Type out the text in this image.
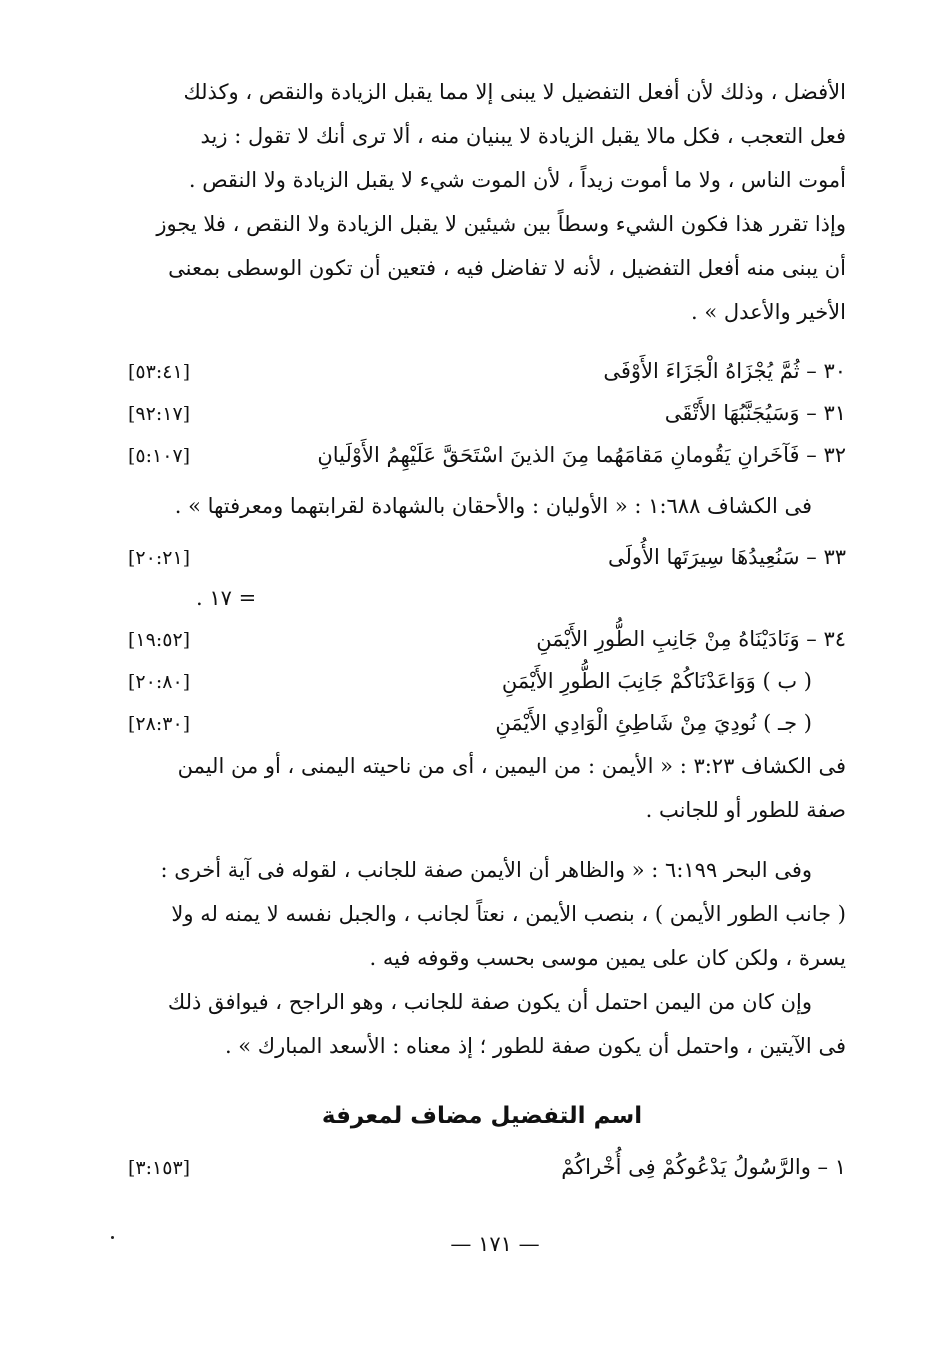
الأفضل ، وذلك لأن أفعل التفضيل لا يبنى إلا مما يقبل الزيادة والنقص ، وكذلك

فعل التعجب ، فكل مالا يقبل الزيادة لا يبنيان منه ، ألا ترى أنك لا تقول : زيد

أموت الناس ، ولا ما أموت زيداً ، لأن الموت شيء لا يقبل الزيادة ولا النقص .

وإذا تقرر هذا فكون الشيء وسطاً بين شيئين لا يقبل الزيادة ولا النقص ، فلا يجوز

أن يبنى منه أفعل التفضيل ، لأنه لا تفاضل فيه ، فتعين أن تكون الوسطى بمعنى

الأخير والأعدل » .

٣٠ – ثُمَّ يُجْزَاهُ الْجَزَاءَ الأَوْفَى
[٥٣:٤١]
٣١ – وَسَيُجَنَّبُهَا الأَتْقَى
[٩٢:١٧]
٣٢ – فَآخَرانِ يَقُومانِ مَقامَهُما مِنَ الذينَ اسْتَحَقَّ عَلَيْهِمُ الأَوْلَيانِ
[٥:١٠٧]

فى الكشاف ١:٦٨٨ : « الأوليان : والأحقان بالشهادة لقرابتهما ومعرفتها » .

٣٣ – سَنُعِيدُهَا سِيرَتَها الأُولَى
[٢٠:٢١]
= ١٧ .
٣٤ – وَنَادَيْنَاهُ مِنْ جَانِبِ الطُّورِ الأَيْمَنِ
[١٩:٥٢]
( ب ) وَوَاعَدْنَاكُمْ جَانِبَ الطُّورِ الأَيْمَنِ
[٢٠:٨٠]
( جـ ) نُودِيَ مِنْ شَاطِئِ الْوَادِي الأَيْمَنِ
[٢٨:٣٠]

فى الكشاف ٣:٢٣ : « الأيمن : من اليمين ، أى من ناحيته اليمنى ، أو من اليمن

صفة للطور أو للجانب .

وفى البحر ٦:١٩٩ : « والظاهر أن الأيمن صفة للجانب ، لقوله فى آية أخرى :

( جانب الطور الأيمن ) ، بنصب الأيمن ، نعتاً لجانب ، والجبل نفسه لا يمنه له ولا

يسرة ، ولكن كان على يمين موسى بحسب وقوفه فيه .

وإن كان من اليمن احتمل أن يكون صفة للجانب ، وهو الراجح ، فيوافق ذلك

فى الآيتين ، واحتمل أن يكون صفة للطور ؛ إذ معناه : الأسعد المبارك » .

اسم التفضيل مضاف لمعرفة
١ – والرَّسُولُ يَدْعُوكُمْ فِى أُخْراكُمْ
[٣:١٥٣]
— ١٧١ —
